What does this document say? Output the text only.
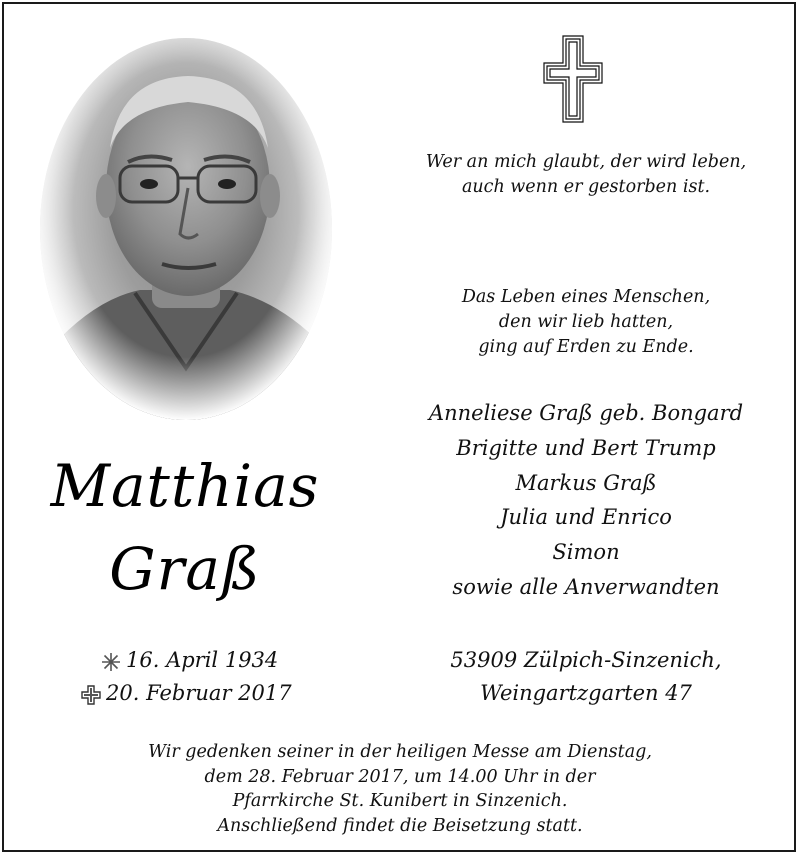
Wer an mich glaubt, der wird leben,
auch wenn er gestorben ist.
Das Leben eines Menschen,
den wir lieb hatten,
ging auf Erden zu Ende.
Anneliese Graß geb. Bongard
Brigitte und Bert Trump
Markus Graß
Julia und Enrico
Simon
sowie alle Anverwandten
Matthias
Graß
16. April 1934
20. Februar 2017
53909 Zülpich-Sinzenich,
Weingartzgarten 47
Wir gedenken seiner in der heiligen Messe am Dienstag,
dem 28. Februar 2017, um 14.00 Uhr in der
Pfarrkirche St. Kunibert in Sinzenich.
Anschließend findet die Beisetzung statt.
